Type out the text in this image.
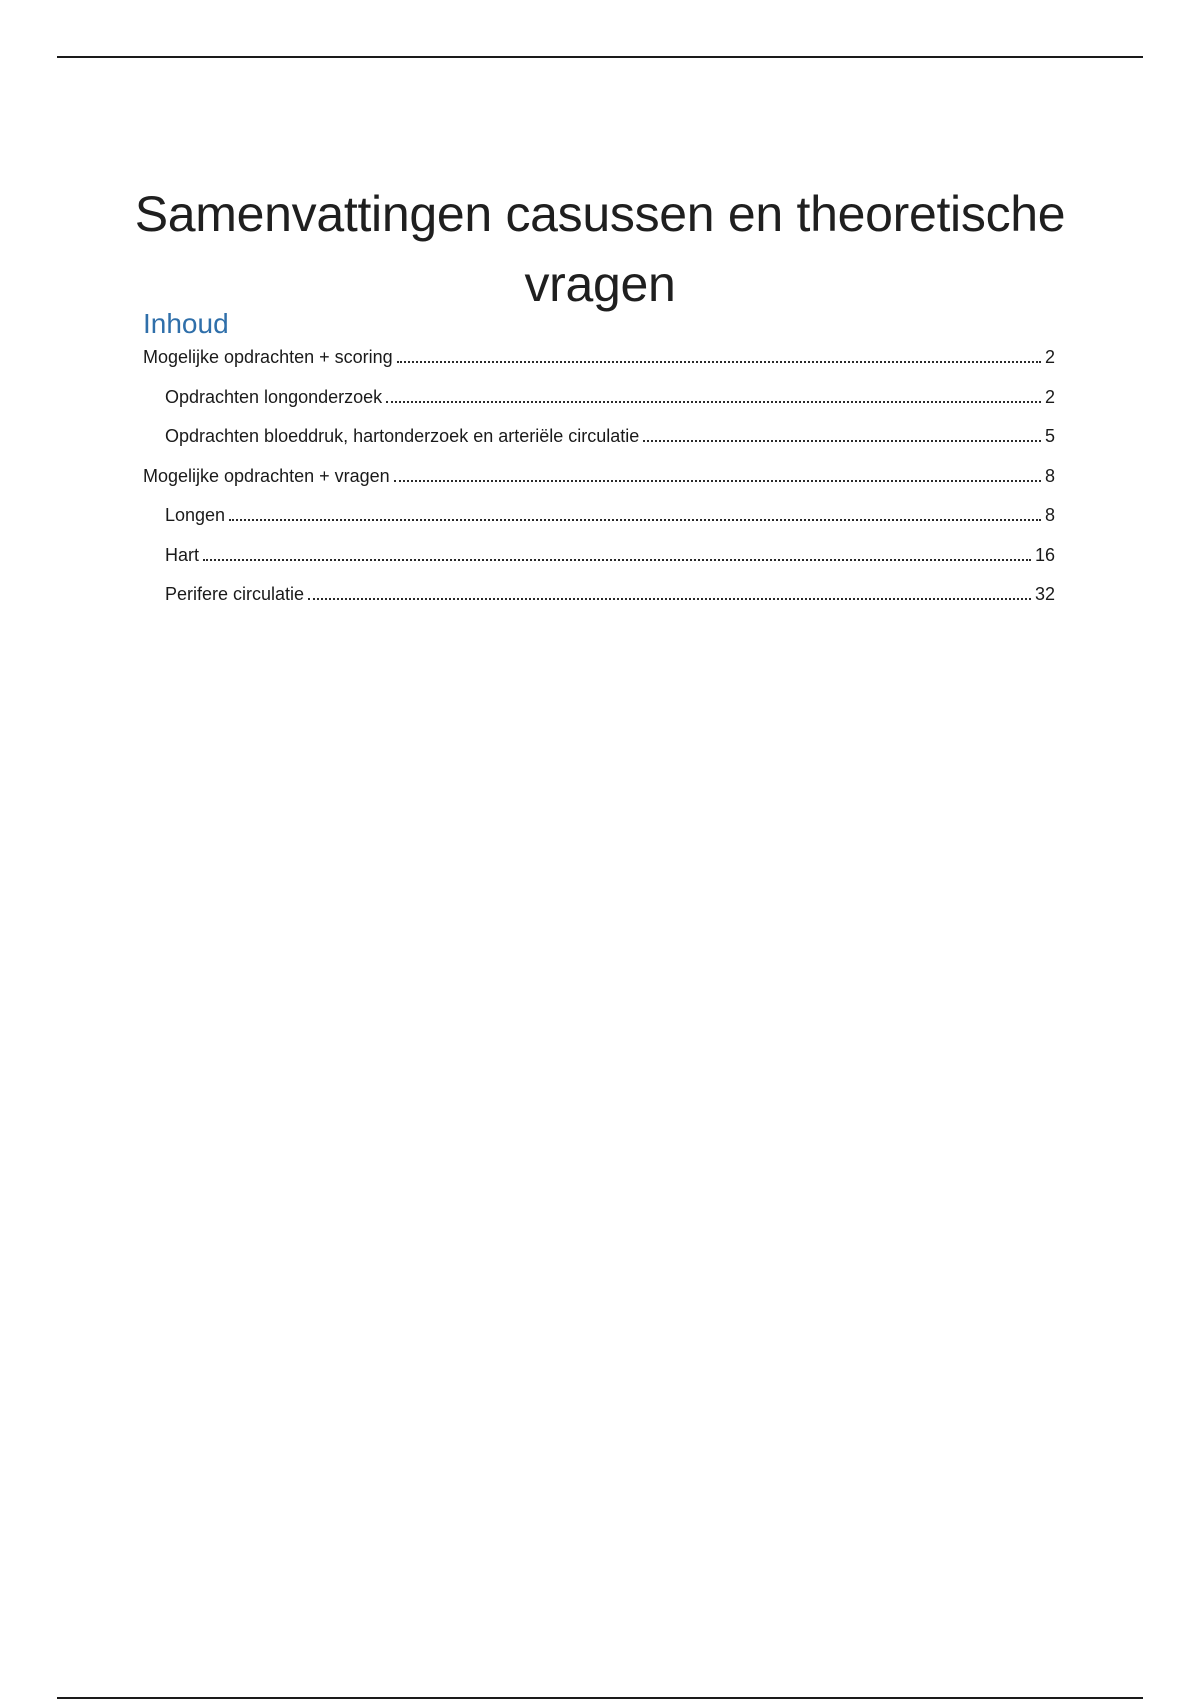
Samenvattingen casussen en theoretische
vragen
Inhoud
Mogelijke opdrachten + scoring	2
Opdrachten longonderzoek	2
Opdrachten bloeddruk, hartonderzoek en arteriële circulatie	5
Mogelijke opdrachten + vragen	8
Longen	8
Hart	16
Perifere circulatie	32
